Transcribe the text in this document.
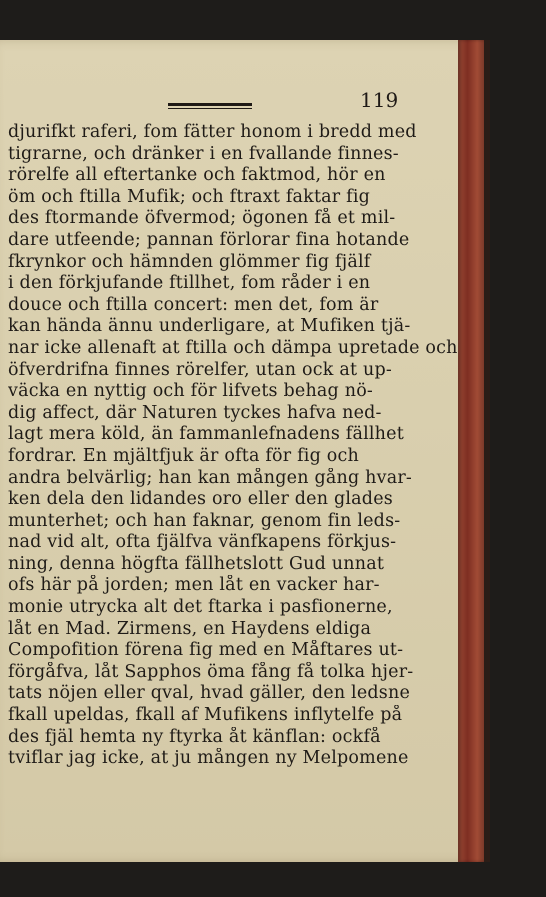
119
djurifkt raferi, fom fätter honom i bredd med
tigrarne, och dränker i en fvallande finnes-
rörelfe all eftertanke och faktmod, hör en
öm och ftilla Mufik; och ftraxt faktar fig
des ftormande öfvermod; ögonen få et mil-
dare utfeende; pannan förlorar fina hotande
fkrynkor och hämnden glömmer fig fjälf
i den förkjufande ftillhet, fom råder i en
douce och ftilla concert: men det, fom är
kan hända ännu underligare, at Mufiken tjä-
nar icke allenaft at ftilla och dämpa upretade och
öfverdrifna finnes rörelfer, utan ock at up-
väcka en nyttig och för lifvets behag nö-
dig affect, där Naturen tyckes hafva ned-
lagt mera köld, än fammanlefnadens fällhet
fordrar. En mjältfjuk är ofta för fig och
andra belvärlig; han kan mången gång hvar-
ken dela den lidandes oro eller den glades
munterhet; och han faknar, genom fin leds-
nad vid alt, ofta fjälfva vänfkapens förkjus-
ning, denna högfta fällhetslott Gud unnat
ofs här på jorden; men låt en vacker har-
monie utrycka alt det ftarka i pasfionerne,
låt en Mad. Zirmens, en Haydens eldiga
Compofition förena fig med en Måftares ut-
förgåfva, låt Sapphos öma fång få tolka hjer-
tats nöjen eller qval, hvad gäller, den ledsne
fkall upeldas, fkall af Mufikens inflytelfe på
des fjäl hemta ny ftyrka åt känflan: ockfå
tviflar jag icke, at ju mången ny Melpomene
